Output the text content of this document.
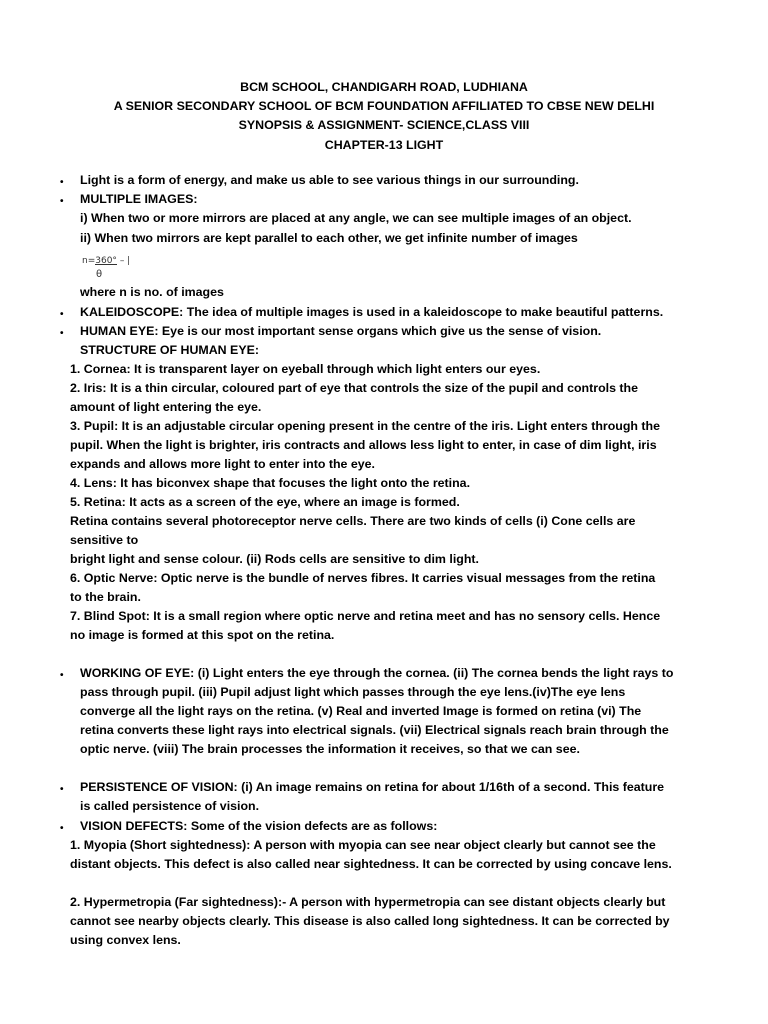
BCM SCHOOL, CHANDIGARH ROAD, LUDHIANA
A SENIOR SECONDARY SCHOOL OF BCM FOUNDATION AFFILIATED TO CBSE NEW DELHI
SYNOPSIS & ASSIGNMENT- SCIENCE,CLASS VIII
CHAPTER-13 LIGHT
n=360° – |
θ
•
•
•
•
•
•
•
Light is a form of energy, and make us able to see various things in our surrounding.
MULTIPLE IMAGES:
i) When two or more mirrors are placed at any angle, we can see multiple images of an object.
ii) When two mirrors are kept parallel to each other, we get infinite number of images
where n is no. of images
KALEIDOSCOPE: The idea of multiple images is used in a kaleidoscope to make beautiful patterns.
HUMAN EYE: Eye is our most important sense organs which give us the sense of vision.
STRUCTURE OF HUMAN EYE:
1. Cornea: It is transparent layer on eyeball through which light enters our eyes.
2. Iris: It is a thin circular, coloured part of eye that controls the size of the pupil and controls the
amount of light entering the eye.
3. Pupil: It is an adjustable circular opening present in the centre of the iris. Light enters through the
pupil. When the light is brighter, iris contracts and allows less light to enter, in case of dim light, iris
expands and allows more light to enter into the eye.
4. Lens: It has biconvex shape that focuses the light onto the retina.
5. Retina: It acts as a screen of the eye, where an image is formed.
Retina contains several photoreceptor nerve cells. There are two kinds of cells (i) Cone cells are
sensitive to
bright light and sense colour. (ii) Rods cells are sensitive to dim light.
6. Optic Nerve: Optic nerve is the bundle of nerves fibres. It carries visual messages from the retina
to the brain.
7. Blind Spot: It is a small region where optic nerve and retina meet and has no sensory cells. Hence
no image is formed at this spot on the retina.
WORKING OF EYE: (i) Light enters the eye through the cornea. (ii) The cornea bends the light rays to
pass through pupil. (iii) Pupil adjust light which passes through the eye lens.(iv)The eye lens
converge all the light rays on the retina. (v) Real and inverted Image is formed on retina (vi) The
retina converts these light rays into electrical signals. (vii) Electrical signals reach brain through the
optic nerve. (viii) The brain processes the information it receives, so that we can see.
PERSISTENCE OF VISION: (i) An image remains on retina for about 1/16th of a second. This feature
is called persistence of vision.
VISION DEFECTS: Some of the vision defects are as follows:
1. Myopia (Short sightedness): A person with myopia can see near object clearly but cannot see the
distant objects. This defect is also called near sightedness. It can be corrected by using concave lens.
2. Hypermetropia (Far sightedness):- A person with hypermetropia can see distant objects clearly but
cannot see nearby objects clearly. This disease is also called long sightedness. It can be corrected by
using convex lens.
